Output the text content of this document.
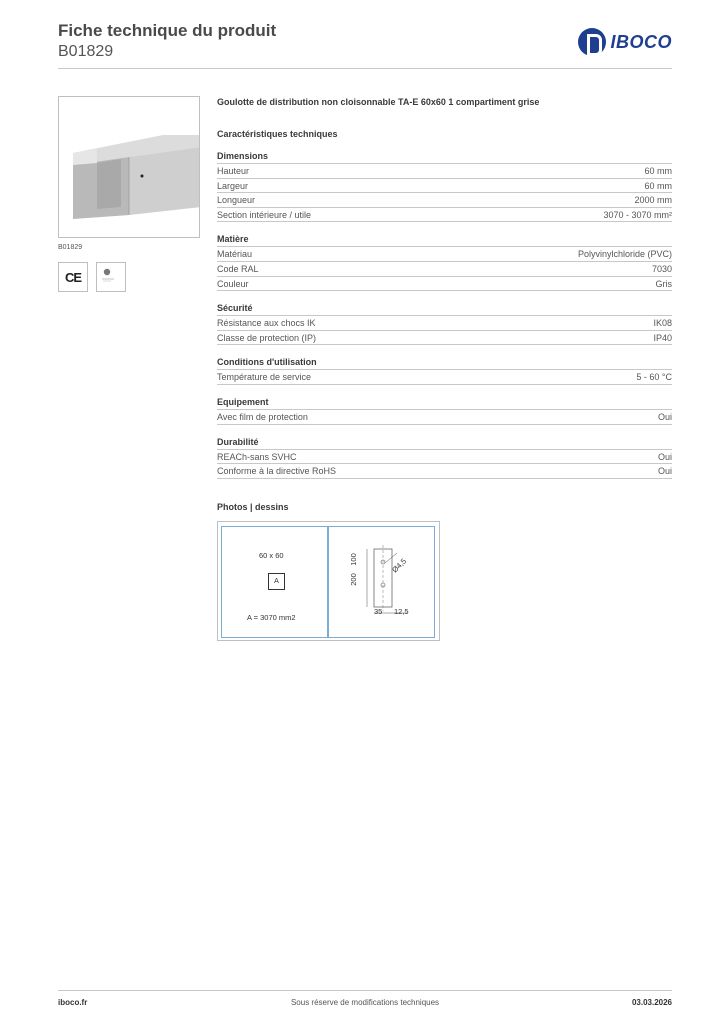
Fiche technique du produit
B01829	IBOCO
B01829
CE
Goulotte de distribution non cloisonnable TA-E 60x60 1 compartiment grise
Caractéristiques techniques
Dimensions
Hauteur	60 mm
Largeur	60 mm
Longueur	2000 mm
Section intérieure / utile	3070 - 3070 mm²
Matière
Matériau	Polyvinylchloride (PVC)
Code RAL	7030
Couleur	Gris
Sécurité
Résistance aux chocs IK	IK08
Classe de protection (IP)	IP40
Conditions d'utilisation
Température de service	5 - 60 °C
Equipement
Avec film de protection	Oui
Durabilité
REACh-sans SVHC	Oui
Conforme à la directive RoHS	Oui
Photos | dessins
60 x 60
A
A = 3070 mm2
100
200
Ø4,5
35 12,5
iboco.fr	Sous réserve de modifications techniques	03.03.2026
